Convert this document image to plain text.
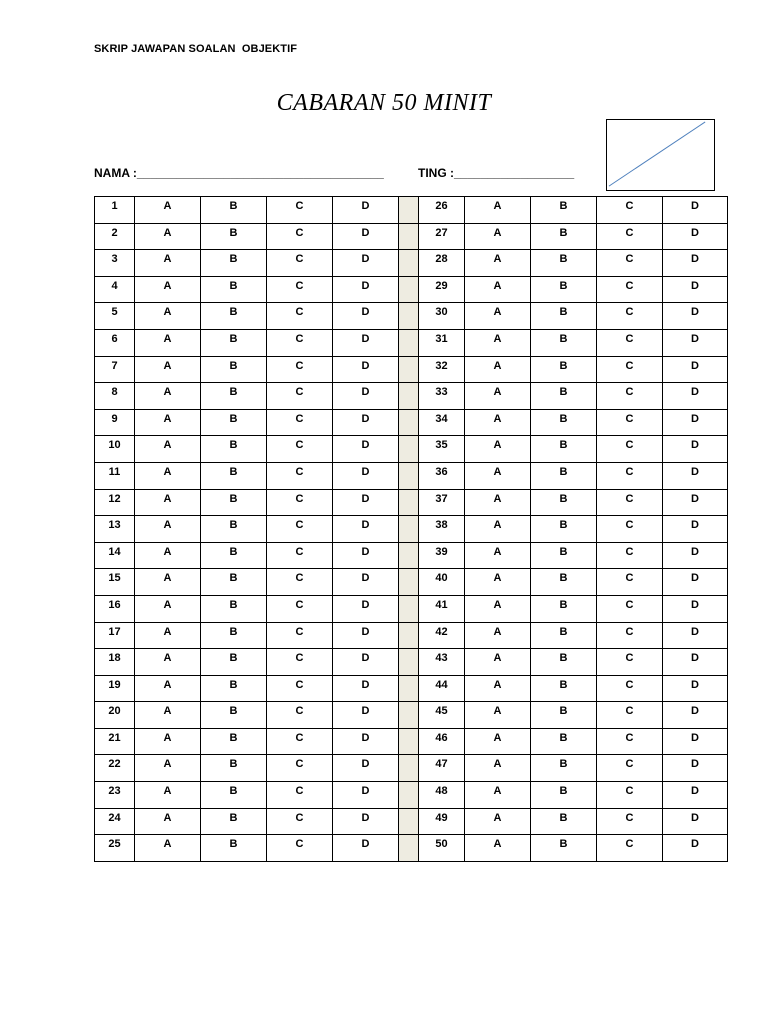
SKRIP JAWAPAN SOALAN  OBJEKTIF
CABARAN 50 MINIT
NAMA :_____________________________________	TING :__________________
1	A	B	C	D		26	A	B	C	D
2	A	B	C	D		27	A	B	C	D
3	A	B	C	D		28	A	B	C	D
4	A	B	C	D		29	A	B	C	D
5	A	B	C	D		30	A	B	C	D
6	A	B	C	D		31	A	B	C	D
7	A	B	C	D		32	A	B	C	D
8	A	B	C	D		33	A	B	C	D
9	A	B	C	D		34	A	B	C	D
10	A	B	C	D		35	A	B	C	D
11	A	B	C	D		36	A	B	C	D
12	A	B	C	D		37	A	B	C	D
13	A	B	C	D		38	A	B	C	D
14	A	B	C	D		39	A	B	C	D
15	A	B	C	D		40	A	B	C	D
16	A	B	C	D		41	A	B	C	D
17	A	B	C	D		42	A	B	C	D
18	A	B	C	D		43	A	B	C	D
19	A	B	C	D		44	A	B	C	D
20	A	B	C	D		45	A	B	C	D
21	A	B	C	D		46	A	B	C	D
22	A	B	C	D		47	A	B	C	D
23	A	B	C	D		48	A	B	C	D
24	A	B	C	D		49	A	B	C	D
25	A	B	C	D		50	A	B	C	D
